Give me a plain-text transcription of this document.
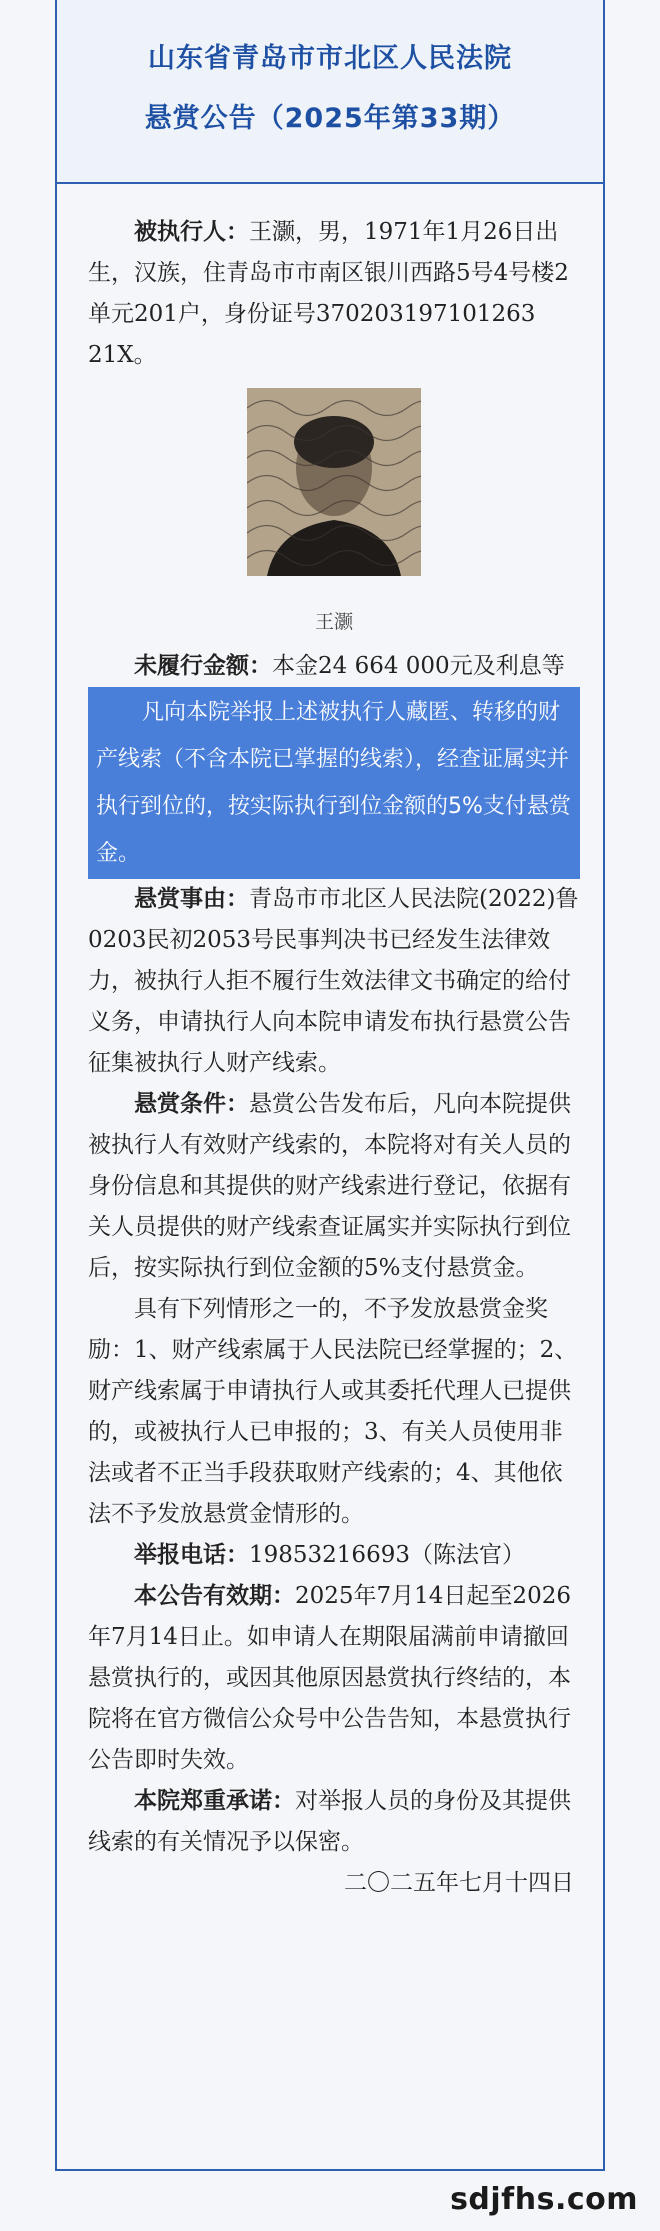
山东省青岛市市北区人民法院
悬赏公告（2025年第33期）

被执行人：王灏，男，1971年1月26日出生，汉族，住青岛市市南区银川西路5号4号楼2单元201户，身份证号370203197101263 21X。

王灏

未履行金额：本金24 664 000元及利息等

凡向本院举报上述被执行人藏匿、转移的财产线索（不含本院已掌握的线索），经查证属实并执行到位的，按实际执行到位金额的5%支付悬赏金。

悬赏事由：青岛市市北区人民法院(2022)鲁0203民初2053号民事判决书已经发生法律效力，被执行人拒不履行生效法律文书确定的给付义务，申请执行人向本院申请发布执行悬赏公告征集被执行人财产线索。

悬赏条件：悬赏公告发布后，凡向本院提供被执行人有效财产线索的，本院将对有关人员的身份信息和其提供的财产线索进行登记，依据有关人员提供的财产线索查证属实并实际执行到位后，按实际执行到位金额的5%支付悬赏金。

具有下列情形之一的，不予发放悬赏金奖励：1、财产线索属于人民法院已经掌握的；2、财产线索属于申请执行人或其委托代理人已提供的，或被执行人已申报的；3、有关人员使用非法或者不正当手段获取财产线索的；4、其他依法不予发放悬赏金情形的。

举报电话：19853216693（陈法官）

本公告有效期：2025年7月14日起至2026年7月14日止。如申请人在期限届满前申请撤回悬赏执行的，或因其他原因悬赏执行终结的，本院将在官方微信公众号中公告告知，本悬赏执行公告即时失效。

本院郑重承诺：对举报人员的身份及其提供线索的有关情况予以保密。

二〇二五年七月十四日

sdjfhs.com
